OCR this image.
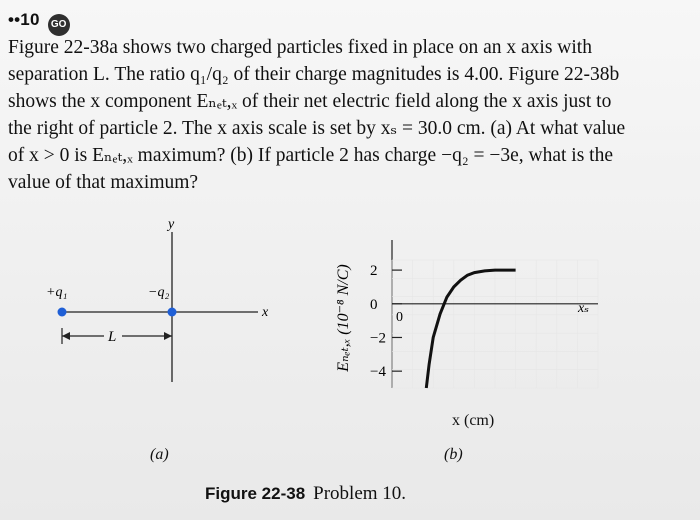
••10	GO
Figure 22-38a shows two charged particles fixed in place on an x axis with separation L. The ratio q₁/q₂ of their charge magnitudes is 4.00. Figure 22-38b shows the x component Eₙₑₜ,ₓ of their net electric field along the x axis just to the right of particle 2. The x axis scale is set by xₛ = 30.0 cm. (a) At what value of x > 0 is Eₙₑₜ,ₓ maximum? (b) If particle 2 has charge −q₂ = −3e, what is the value of that maximum?
y
x
+q₁	−q₂
L
2
0
−2
−4
0
xₛ
Eₙₑₜ,ₓ (10⁻⁸ N/C)
x (cm)
(a)	(b)
Figure 22-38 Problem 10.
